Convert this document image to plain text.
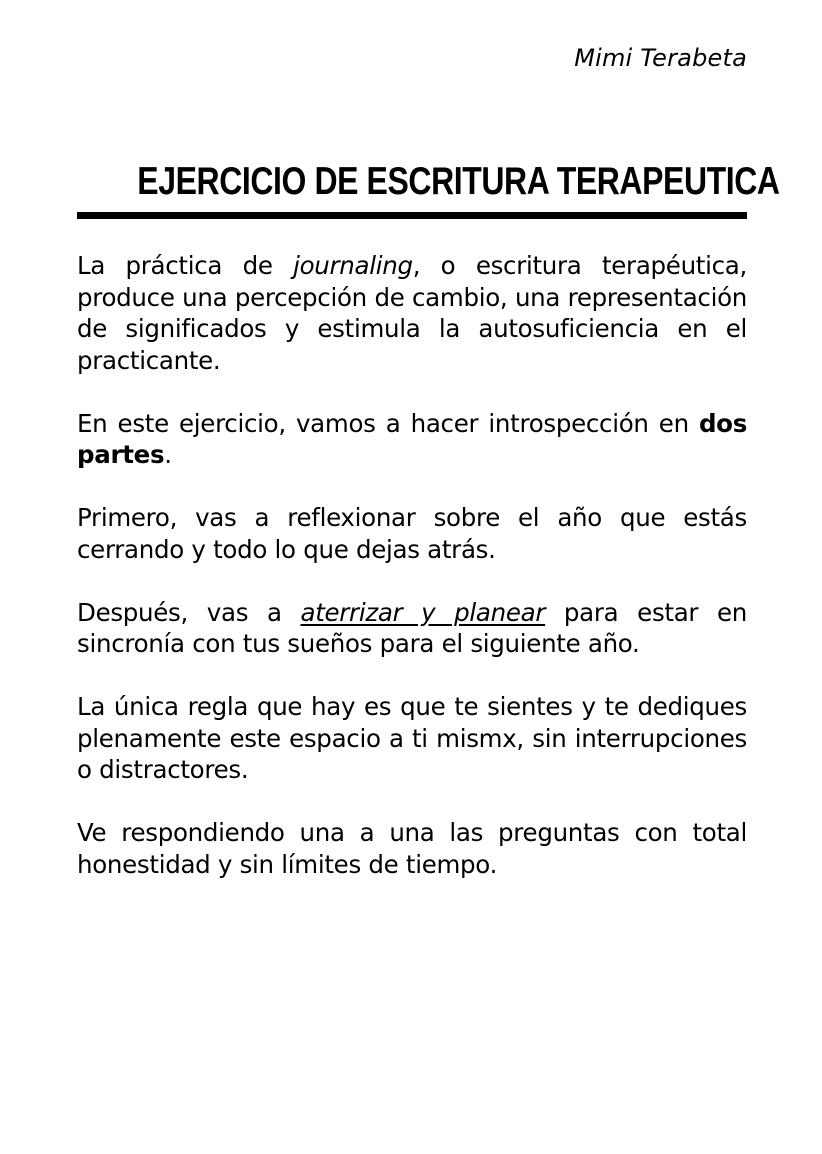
Mimi Terabeta
EJERCICIO DE ESCRITURA TERAPEUTICA

La práctica de journaling, o escritura terapéutica, produce una percepción de cambio, una representación de significados y estimula la autosuficiencia en el practicante.

En este ejercicio, vamos a hacer introspección en dos partes.

Primero, vas a reflexionar sobre el año que estás cerrando y todo lo que dejas atrás.

Después, vas a aterrizar y planear para estar en sincronía con tus sueños para el siguiente año.

La única regla que hay es que te sientes y te dediques plenamente este espacio a ti mismx, sin interrupciones o distractores.

Ve respondiendo una a una las preguntas con total honestidad y sin límites de tiempo.
